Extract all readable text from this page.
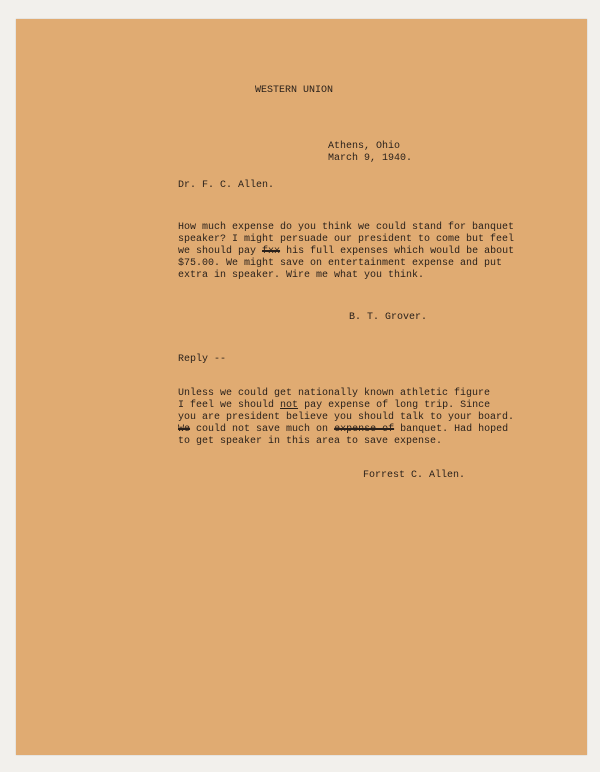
WESTERN UNION
Athens, Ohio
March 9, 1940.
Dr. F. C. Allen.
How much expense do you think we could stand for banquet
speaker? I might persuade our president to come but feel
we should pay fxx his full expenses which would be about
$75.00. We might save on entertainment expense and put
extra in speaker. Wire me what you think.
B. T. Grover.
Reply --
Unless we could get nationally known athletic figure
I feel we should not pay expense of long trip. Since
you are president believe you should talk to your board.
We could not save much on expense of banquet. Had hoped
to get speaker in this area to save expense.
Forrest C. Allen.
